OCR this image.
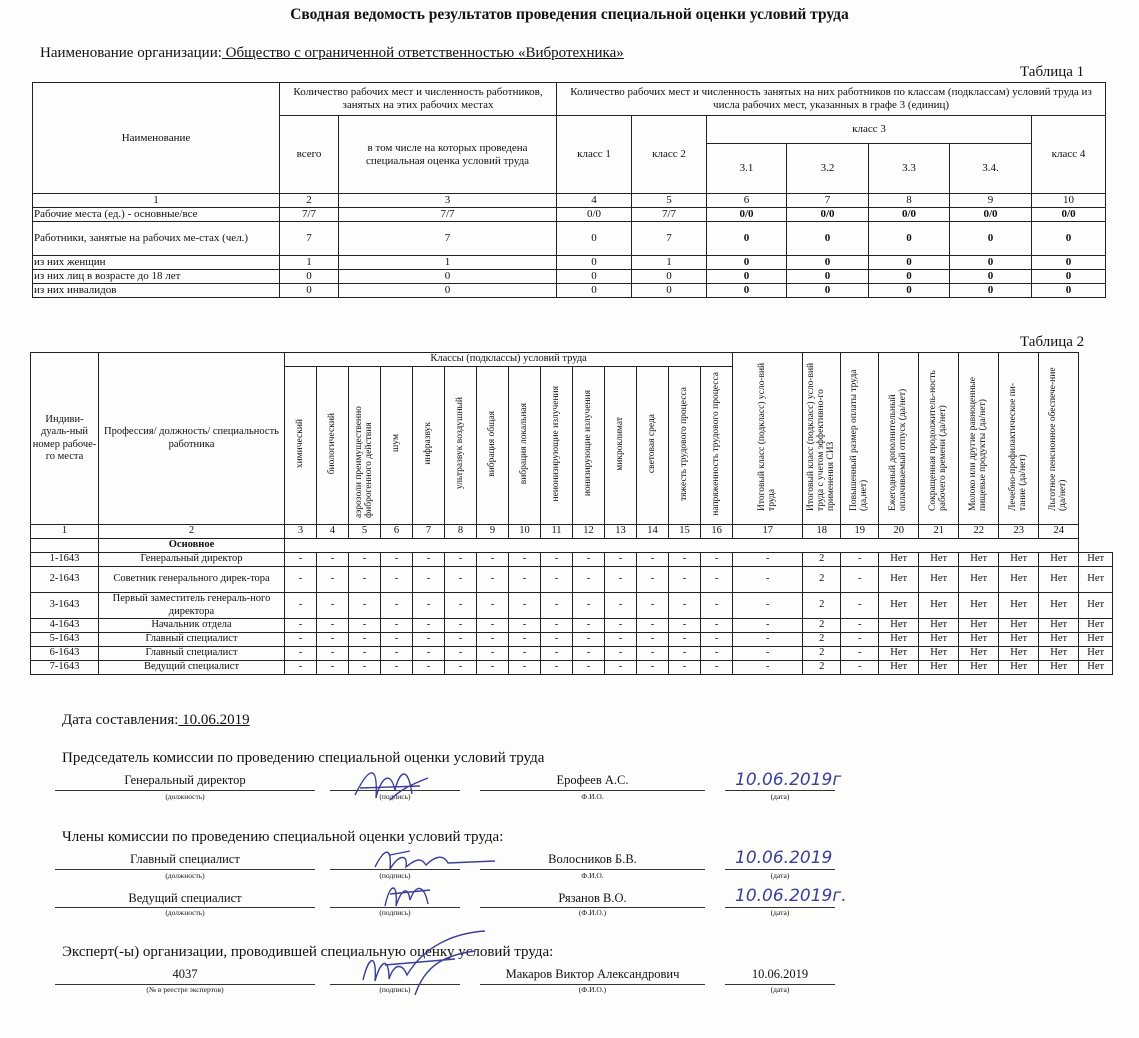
Сводная ведомость результатов проведения специальной оценки условий труда
Наименование организации: Общество с ограниченной ответственностью «Вибротехника»
Таблица 1
Наименование	Количество рабочих мест и численность работников, занятых на этих рабочих местах		Количество рабочих мест и численность занятых на них работников по классам (подклассам) условий труда из числа рабочих мест, указанных в графе 3 (единиц)						
	всего	в том числе на которых проведена специальная оценка условий труда	класс 1	класс 2	класс 3				класс 4
					3.1	3.2	3.3	3.4.	
1	2	3	4	5	6	7	8	9	10
Рабочие места (ед.) - основные/все	7/7	7/7	0/0	7/7	0/0	0/0	0/0	0/0	0/0
Работники, занятые на рабочих ме-стах (чел.)	7	7	0	7	0	0	0	0	0
из них женщин	1	1	0	1	0	0	0	0	0
из них лиц в возрасте до 18 лет	0	0	0	0	0	0	0	0	0
из них инвалидов	0	0	0	0	0	0	0	0	0
Таблица 2
Индиви-дуаль-ный номер рабоче-го места	Профессия/ должность/ специальность работника	Классы (подклассы) условий труда														Итоговый класс (подкласс) усло-вий труда	Итоговый класс (подкласс) усло-вий труда с учетом эффективно-го применения СИЗ	Повышенный размер оплаты труда (да,нет)	Ежегодный дополнительный оплачиваемый отпуск (да/нет)	Сокращенная продолжитель-ность рабочего времени (да/нет)	Молоко или другие равноценные пищевые продукты (да/нет)	Лечебно-профилактическое пи-тание (да/нет)	Льготное пенсионное обеспече-ние (да/нет)	
		химический	биологический	аэрозоли преимущественно фиброгенного действия	шум	инфразвук	ультразвук воздушный	вибрация общая	вибрация локальная	неионизирующие излучения	ионизирующие излучения	микроклимат	световая среда	тяжесть трудового процесса	напряженность трудового процесса									
1	2	3	4	5	6	7	8	9	10	11	12	13	14	15	16	17	18	19	20	21	22	23	24	
	Основное																							
1-1643	Генеральный директор	-	-	-	-	-	-	-	-	-	-	-	-	-	-	-	2	-	Нет	Нет	Нет	Нет	Нет	Нет
2-1643	Советник генерального дирек-тора	-	-	-	-	-	-	-	-	-	-	-	-	-	-	-	2	-	Нет	Нет	Нет	Нет	Нет	Нет
3-1643	Первый заместитель генераль-ного директора	-	-	-	-	-	-	-	-	-	-	-	-	-	-	-	2	-	Нет	Нет	Нет	Нет	Нет	Нет
4-1643	Начальник отдела	-	-	-	-	-	-	-	-	-	-	-	-	-	-	-	2	-	Нет	Нет	Нет	Нет	Нет	Нет
5-1643	Главный специалист	-	-	-	-	-	-	-	-	-	-	-	-	-	-	-	2	-	Нет	Нет	Нет	Нет	Нет	Нет
6-1643	Главный специалист	-	-	-	-	-	-	-	-	-	-	-	-	-	-	-	2	-	Нет	Нет	Нет	Нет	Нет	Нет
7-1643	Ведущий специалист	-	-	-	-	-	-	-	-	-	-	-	-	-	-	-	2	-	Нет	Нет	Нет	Нет	Нет	Нет
Дата составления: 10.06.2019
Председатель комиссии по проведению специальной оценки условий труда
Генеральный директор
(должность)	(подпись)
Ерофеев А.С.
Ф.И.О.
10.06.2019г
(дата)
Члены комиссии по проведению специальной оценки условий труда:
Главный специалист
(должность)	(подпись)
Волосников Б.В.
Ф.И.О.
10.06.2019
(дата)
Ведущий специалист
(должность)	(подпись)
Рязанов В.О.
(Ф.И.О.)
10.06.2019г.
(дата)
Эксперт(-ы) организации, проводившей специальную оценку условий труда:
4037
(№ в реестре экспертов)	(подпись)
Макаров Виктор Александрович
(Ф.И.О.)
10.06.2019
(дата)
